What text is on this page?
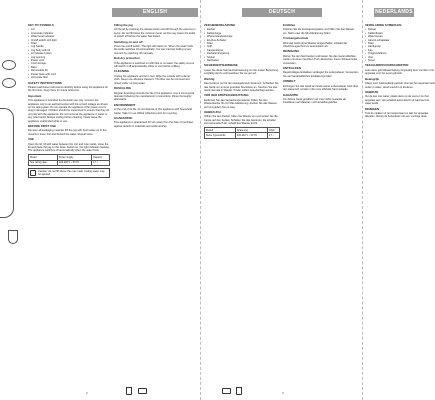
ENGLISH
KEY TO SYMBOLS
• Lid
• Limescale indicator
• Water level indicator
• On/off switch with light
• Filter
• Jug handle
• Jug body with lid
• Lid release button
• Jug opening
• Power cord
• Cord storage
• Base
• Removable lid
• Power base with cord
• Anti-scale filter
SAFETY INSTRUCTIONS

Please read these instructions carefully before using the appliance for the first time. Keep them for future reference.

Important

This appliance is intended for domestic use only. Connect the appliance only to an earthed socket with the correct voltage as shown on the rating plate. Do not operate the appliance if the power cord or plug is damaged. Children should be supervised to ensure that they do not play with the appliance. Do not immerse the appliance in water or any other liquid. Always unplug before cleaning. Never leave the appliance unattended while in use.

BEFORE FIRST USE

Remove all packaging material. Fill the jug with fresh water up to the maximum level, boil and discard the water. Repeat twice.

USE

Open the lid, fill with water between the min and max marks, close the lid and place the jug on the base. Switch on; the light indicates heating. The appliance switches off automatically when the water boils.

Model	Power supply	Capacity
See rating plate	220-240 V ~ 50 Hz	1.7 l
Caution: do not fill above the max mark, boiling water may be ejected.
Filling the jug

Lift the lid by pressing the release button and fill through the opening or spout. Do not fill below the minimum level, as this may cause the kettle to switch off before the water has boiled.

Switching on and off

Press the on/off switch. The light will switch on. When the water boils the kettle switches off automatically. You can interrupt boiling at any moment by switching off manually.

Boil-dry protection

If the appliance is switched on with little or no water, the safety cut-out will switch it off automatically. Allow to cool before refilling.

CLEANING

Unplug the appliance and let it cool. Wipe the outside with a damp cloth. Never use abrasive cleaners. The filter can be removed and rinsed under running water.

DESCALING

Regular descaling extends the life of the appliance. Use a commercial descaler following the manufacturer's instructions. Rinse thoroughly afterwards.

ENVIRONMENT

At the end of its life, do not dispose of this appliance with household waste. Take it to an official collection point for recycling.

GUARANTEE

This appliance is guaranteed for two years from the date of purchase against defects in materials and workmanship.

2
DEUTSCH
ZEICHENERKLÄRUNG
• Deckel
• Kalkanzeige
• Wasserstandsanzeige
• Ein/Aus-Schalter
• Filter
• Griff
• Kannenkörper
• Deckelentriegelung
• Sockel
• Netzkabel
SICHERHEITSHINWEISE

Lesen Sie diese Gebrauchsanweisung vor der ersten Benutzung sorgfältig durch und bewahren Sie sie gut auf.

Wichtig

Das Gerät ist nur für den Hausgebrauch bestimmt. Schließen Sie das Gerät nur an eine geerdete Steckdose an. Tauchen Sie das Gerät niemals in Wasser. Kinder sollten beaufsichtigt werden.

VOR DER ERSTEN BENUTZUNG

Entfernen Sie das Verpackungsmaterial. Füllen Sie den Wasserkocher bis zur Max-Markierung, kochen Sie das Wasser auf und gießen Sie es weg.

GEBRAUCH

Öffnen Sie den Deckel, füllen Sie Wasser ein und setzen Sie die Kanne auf den Sockel. Schalten Sie das Gerät ein. Es schaltet sich automatisch ab, sobald das Wasser kocht.

Modell	Spannung	Inhalt
Siehe Typenschild	220-240 V ~ 50 Hz	1,7 l
Einfüllen

Drücken Sie die Entriegelungstaste und füllen Sie das Wasser ein. Nicht unter die Min-Markierung füllen.

Trockengehschutz

Wird das Gerät ohne Wasser eingeschaltet, schaltet der Überhitzungsschutz es automatisch ab.

REINIGUNG

Ziehen Sie den Netzstecker und lassen Sie das Gerät abkühlen. Außen mit einem feuchten Tuch abwischen. Keine Scheuermittel verwenden.

ENTKALKEN

Regelmäßiges Entkalken verlängert die Lebensdauer. Verwenden Sie ein handelsübliches Entkalkungsmittel.

UMWELT

Entsorgen Sie das Gerät am Ende seiner Lebensdauer nicht über den Hausmüll, sondern über eine offizielle Sammelstelle.

GARANTIE

Für dieses Gerät gewähren wir zwei Jahre Garantie ab Kaufdatum auf Material- und Herstellungsfehler.

3
NEDERLANDS
VERKLARING SYMBOLEN
• Deksel
• Kalkindicator
• Waterniveau
• Aan/uit-schakelaar
• Filter
• Handgreep
• Kan
• Ontgrendelknop
• Voet
• Snoer
VEILIGHEIDSVOORSCHRIFTEN

Lees deze gebruiksaanwijzing zorgvuldig door voordat u het apparaat voor het eerst gebruikt.

Belangrijk

Alleen voor huishoudelijk gebruik. Dompel het apparaat nooit onder in water. Houd toezicht op kinderen.

GEBRUIK

Vul de kan met water, plaats deze op de voet en zet het apparaat aan. Het schakelt automatisch uit wanneer het water kookt.

REINIGEN

Trek de stekker uit het stopcontact en laat het apparaat afkoelen. Reinig de buitenkant met een vochtige doek.
